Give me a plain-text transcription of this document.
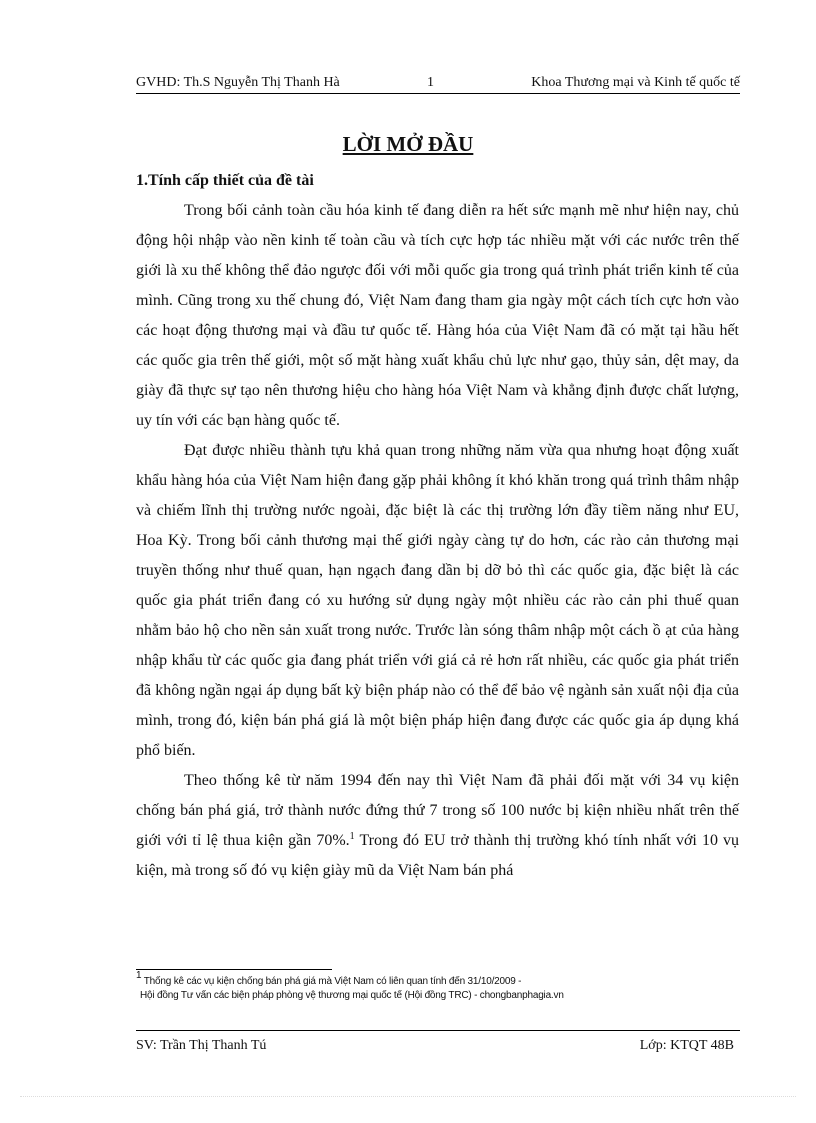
GVHD: Th.S Nguyễn Thị Thanh Hà	1	Khoa Thương mại và Kinh tế quốc tế
LỜI MỞ ĐẦU
1.Tính cấp thiết của đề tài

Trong bối cảnh toàn cầu hóa kinh tế đang diễn ra hết sức mạnh mẽ như hiện nay, chủ động hội nhập vào nền kinh tế toàn cầu và tích cực hợp tác nhiều mặt với các nước trên thế giới là xu thế không thể đảo ngược đối với mỗi quốc gia trong quá trình phát triển kinh tế của mình. Cũng trong xu thế chung đó, Việt Nam đang tham gia ngày một cách tích cực hơn vào các hoạt động thương mại và đầu tư quốc tế. Hàng hóa của Việt Nam đã có mặt tại hầu hết các quốc gia trên thế giới, một số mặt hàng xuất khẩu chủ lực như gạo, thủy sản, dệt may, da giày đã thực sự tạo nên thương hiệu cho hàng hóa Việt Nam và khẳng định được chất lượng, uy tín với các bạn hàng quốc tế.

Đạt được nhiều thành tựu khả quan trong những năm vừa qua nhưng hoạt động xuất khẩu hàng hóa của Việt Nam hiện đang gặp phải không ít khó khăn trong quá trình thâm nhập và chiếm lĩnh thị trường nước ngoài, đặc biệt là các thị trường lớn đầy tiềm năng như EU, Hoa Kỳ. Trong bối cảnh thương mại thế giới ngày càng tự do hơn, các rào cản thương mại truyền thống như thuế quan, hạn ngạch đang dần bị dỡ bỏ thì các quốc gia, đặc biệt là các quốc gia phát triển đang có xu hướng sử dụng ngày một nhiều các rào cản phi thuế quan nhằm bảo hộ cho nền sản xuất trong nước. Trước làn sóng thâm nhập một cách ồ ạt của hàng nhập khẩu từ các quốc gia đang phát triển với giá cả rẻ hơn rất nhiều, các quốc gia phát triển đã không ngần ngại áp dụng bất kỳ biện pháp nào có thể để bảo vệ ngành sản xuất nội địa của mình, trong đó, kiện bán phá giá là một biện pháp hiện đang được các quốc gia áp dụng khá phổ biến.

Theo thống kê từ năm 1994 đến nay thì Việt Nam đã phải đối mặt với 34 vụ kiện chống bán phá giá, trở thành nước đứng thứ 7 trong số 100 nước bị kiện nhiều nhất trên thế giới với tỉ lệ thua kiện gần 70%.$^1$ Trong đó EU trở thành thị trường khó tính nhất với 10 vụ kiện, mà trong số đó vụ kiện giày mũ da Việt Nam bán phá

$^1$ Thống kê các vụ kiện chống bán phá giá mà Việt Nam có liên quan tính đến 31/10/2009 -
Hội đồng Tư vấn các biện pháp phòng vệ thương mại quốc tế (Hội đồng TRC) - chongbanphagia.vn
SV: Trần Thị Thanh Tú	Lớp: KTQT 48B
